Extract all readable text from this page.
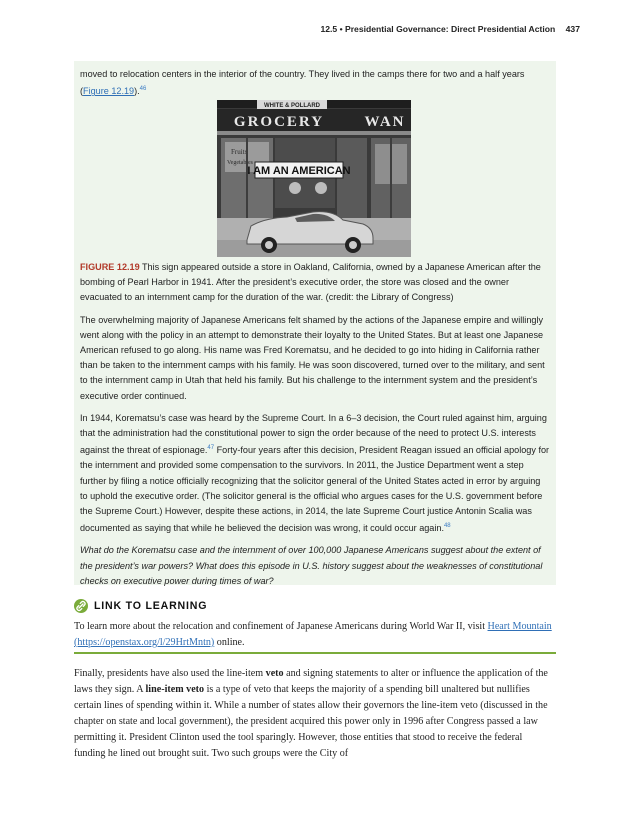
12.5 • Presidential Governance: Direct Presidential Action 437

moved to relocation centers in the interior of the country. They lived in the camps there for two and a half years (Figure 12.19).$^{46}$

WHITE & POLLARD
GROCERY	WAN
Fruits
Vegetables
I AM AN AMERICAN

FIGURE 12.19 This sign appeared outside a store in Oakland, California, owned by a Japanese American after the bombing of Pearl Harbor in 1941. After the president’s executive order, the store was closed and the owner evacuated to an internment camp for the duration of the war. (credit: the Library of Congress)

The overwhelming majority of Japanese Americans felt shamed by the actions of the Japanese empire and willingly went along with the policy in an attempt to demonstrate their loyalty to the United States. But at least one Japanese American refused to go along. His name was Fred Korematsu, and he decided to go into hiding in California rather than be taken to the internment camps with his family. He was soon discovered, turned over to the military, and sent to the internment camp in Utah that held his family. But his challenge to the internment system and the president’s executive order continued.

In 1944, Korematsu’s case was heard by the Supreme Court. In a 6–3 decision, the Court ruled against him, arguing that the administration had the constitutional power to sign the order because of the need to protect U.S. interests against the threat of espionage.$^{47}$ Forty-four years after this decision, President Reagan issued an official apology for the internment and provided some compensation to the survivors. In 2011, the Justice Department went a step further by filing a notice officially recognizing that the solicitor general of the United States acted in error by arguing to uphold the executive order. (The solicitor general is the official who argues cases for the U.S. government before the Supreme Court.) However, despite these actions, in 2014, the late Supreme Court justice Antonin Scalia was documented as saying that while he believed the decision was wrong, it could occur again.$^{48}$

What do the Korematsu case and the internment of over 100,000 Japanese Americans suggest about the extent of the president’s war powers? What does this episode in U.S. history suggest about the weaknesses of constitutional checks on executive power during times of war?

LINK TO LEARNING

To learn more about the relocation and confinement of Japanese Americans during World War II, visit Heart Mountain (https://openstax.org/l/29HrtMntn) online.

Finally, presidents have also used the line-item veto and signing statements to alter or influence the application of the laws they sign. A line-item veto is a type of veto that keeps the majority of a spending bill unaltered but nullifies certain lines of spending within it. While a number of states allow their governors the line-item veto (discussed in the chapter on state and local government), the president acquired this power only in 1996 after Congress passed a law permitting it. President Clinton used the tool sparingly. However, those entities that stood to receive the federal funding he lined out brought suit. Two such groups were the City of
